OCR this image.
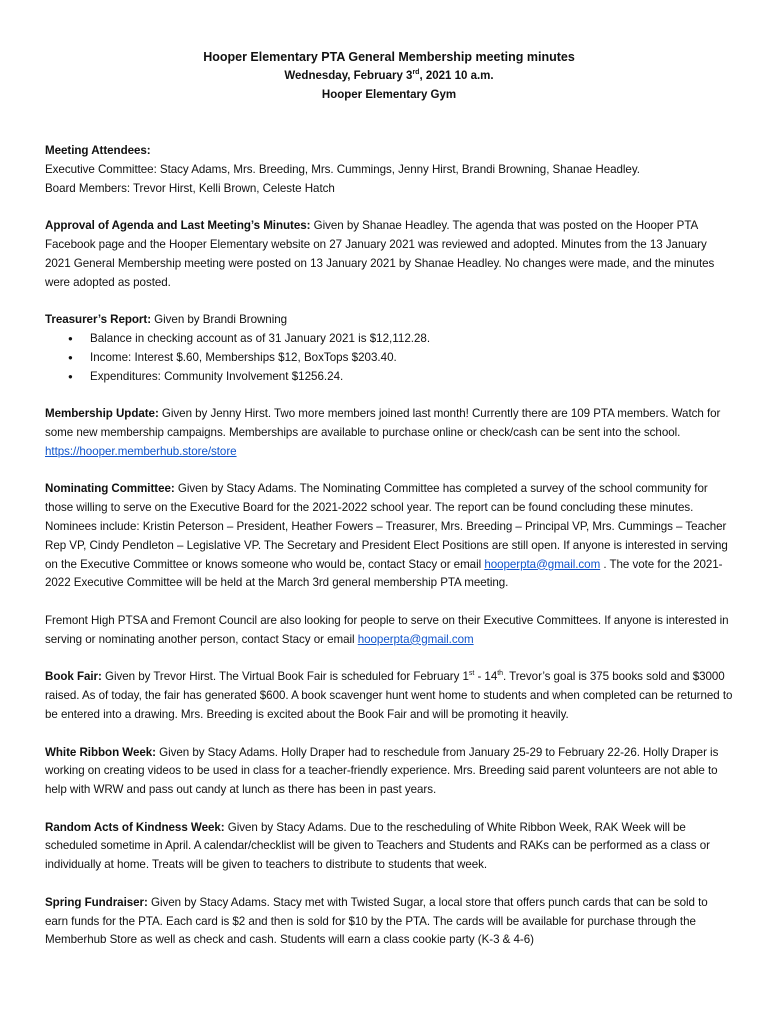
Hooper Elementary PTA General Membership meeting minutes
Wednesday, February 3rd, 2021 10 a.m.
Hooper Elementary Gym

Meeting Attendees:
Executive Committee: Stacy Adams, Mrs. Breeding, Mrs. Cummings, Jenny Hirst, Brandi Browning, Shanae Headley.
Board Members: Trevor Hirst, Kelli Brown, Celeste Hatch

Approval of Agenda and Last Meeting’s Minutes: Given by Shanae Headley. The agenda that was posted on the Hooper PTA Facebook page and the Hooper Elementary website on 27 January 2021 was reviewed and adopted. Minutes from the 13 January 2021 General Membership meeting were posted on 13 January 2021 by Shanae Headley. No changes were made, and the minutes were adopted as posted.

Treasurer’s Report: Given by Brandi Browning

● Balance in checking account as of 31 January 2021 is $12,112.28.
● Income: Interest $.60, Memberships $12, BoxTops $203.40.
● Expenditures: Community Involvement $1256.24.

Membership Update: Given by Jenny Hirst. Two more members joined last month! Currently there are 109 PTA members. Watch for some new membership campaigns. Memberships are available to purchase online or check/cash can be sent into the school. https://hooper.memberhub.store/store

Nominating Committee: Given by Stacy Adams. The Nominating Committee has completed a survey of the school community for those willing to serve on the Executive Board for the 2021-2022 school year. The report can be found concluding these minutes.
Nominees include: Kristin Peterson – President, Heather Fowers – Treasurer, Mrs. Breeding – Principal VP, Mrs. Cummings – Teacher Rep VP, Cindy Pendleton – Legislative VP. The Secretary and President Elect Positions are still open. If anyone is interested in serving on the Executive Committee or knows someone who would be, contact Stacy or email hooperpta@gmail.com . The vote for the 2021-2022 Executive Committee will be held at the March 3rd general membership PTA meeting.

Fremont High PTSA and Fremont Council are also looking for people to serve on their Executive Committees. If anyone is interested in serving or nominating another person, contact Stacy or email hooperpta@gmail.com

Book Fair: Given by Trevor Hirst. The Virtual Book Fair is scheduled for February 1st - 14th. Trevor’s goal is 375 books sold and $3000 raised. As of today, the fair has generated $600. A book scavenger hunt went home to students and when completed can be returned to be entered into a drawing. Mrs. Breeding is excited about the Book Fair and will be promoting it heavily.

White Ribbon Week: Given by Stacy Adams. Holly Draper had to reschedule from January 25-29 to February 22-26. Holly Draper is working on creating videos to be used in class for a teacher-friendly experience. Mrs. Breeding said parent volunteers are not able to help with WRW and pass out candy at lunch as there has been in past years.

Random Acts of Kindness Week: Given by Stacy Adams. Due to the rescheduling of White Ribbon Week, RAK Week will be scheduled sometime in April. A calendar/checklist will be given to Teachers and Students and RAKs can be performed as a class or individually at home. Treats will be given to teachers to distribute to students that week.

Spring Fundraiser: Given by Stacy Adams. Stacy met with Twisted Sugar, a local store that offers punch cards that can be sold to earn funds for the PTA. Each card is $2 and then is sold for $10 by the PTA. The cards will be available for purchase through the Memberhub Store as well as check and cash. Students will earn a class cookie party (K-3 & 4-6)
